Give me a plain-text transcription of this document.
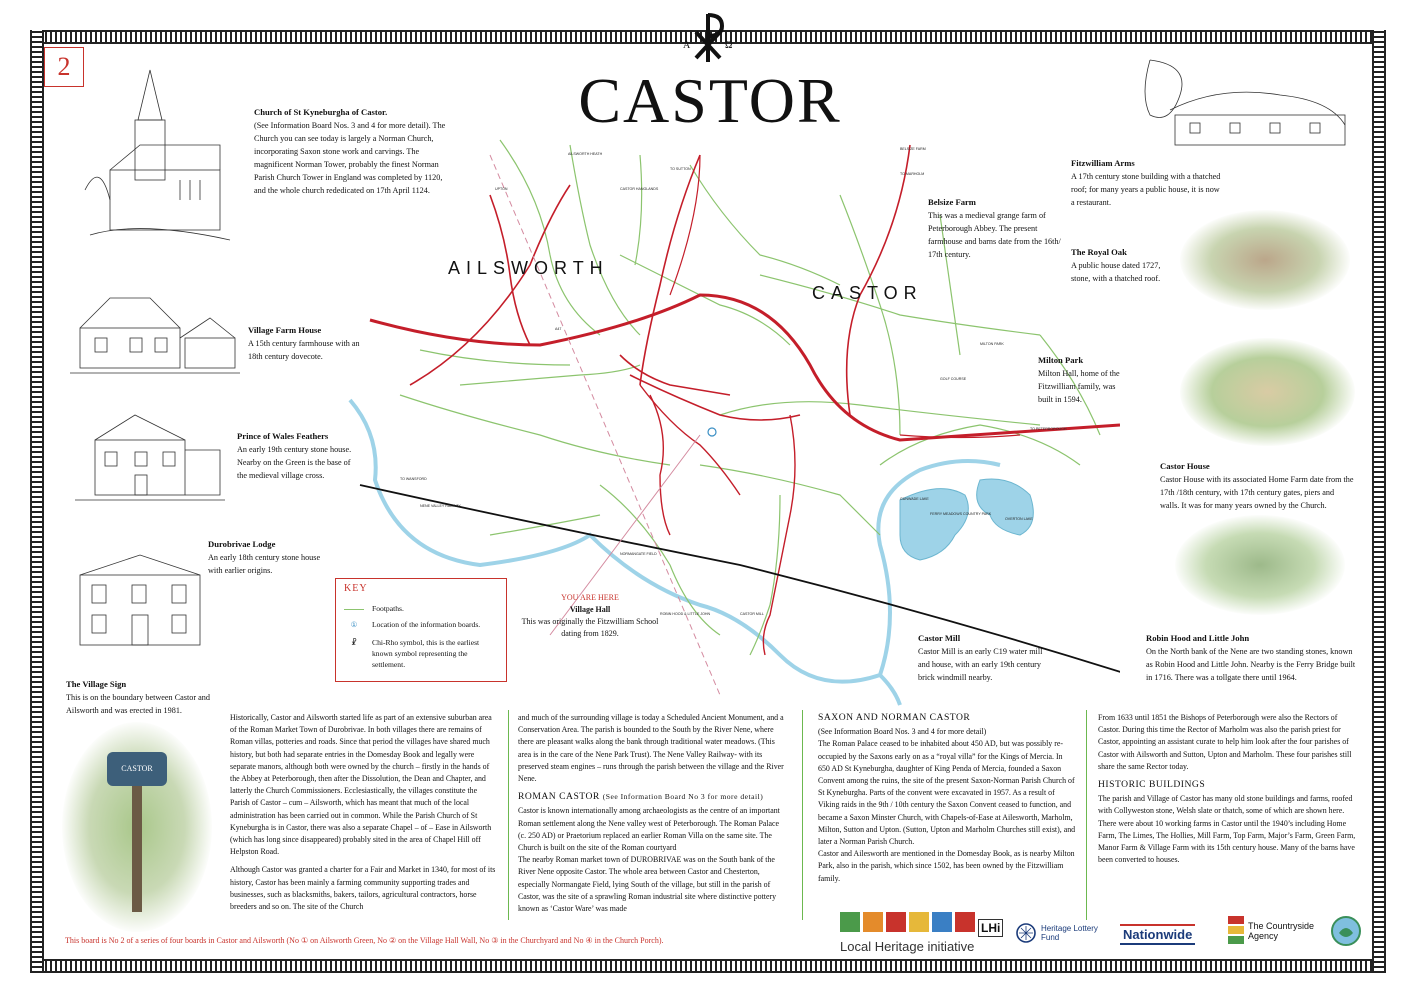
2
A	Ω
CASTOR
UPTON
A47
TO PETERBOROUGH
TO WANSFORD
NENE VALLEY RAILWAY
MILTON PARK
GOLF COURSE
FERRY MEADOWS COUNTRY PARK
GUNWADE LAKE
OVERTON LAKE
BELSIZE FARM
AILSWORTH HEATH
CASTOR HANGLANDS
NORMANGATE FIELD
CASTOR MILL
ROBIN HOOD & LITTLE JOHN
TO SUTTON
TO MARHOLM
AILSWORTH
CASTOR
Church of St Kyneburgha of Castor.
(See Information Board Nos. 3 and 4 for more detail). The Church you can see today is largely a Norman Church, incorporating Saxon stone work and carvings. The magnificent Norman Tower, probably the finest Norman Parish Church Tower in England was completed by 1120, and the whole church rededicated on 17th April 1124.
Village Farm House
A 15th century farmhouse with an 18th century dovecote.
Prince of Wales Feathers
An early 19th century stone house. Nearby on the Green is the base of the medieval village cross.
Durobrivae Lodge
An early 18th century stone house with earlier origins.
The Village Sign
This is on the boundary between Castor and Ailsworth and was erected in 1981.
CASTOR
Fitzwilliam Arms
A 17th century stone building with a thatched roof; for many years a public house, it is now a restaurant.
Belsize Farm
This was a medieval grange farm of Peterborough Abbey. The present farmhouse and barns date from the 16th/ 17th century.	The Royal Oak
A public house dated 1727, stone, with a thatched roof.
Milton Park
Milton Hall, home of the Fitzwilliam family, was built in 1594.
Castor House
Castor House with its associated Home Farm date from the 17th /18th century, with 17th century gates, piers and walls. It was for many years owned by the Church.
Robin Hood and Little John
On the North bank of the Nene are two standing stones, known as Robin Hood and Little John. Nearby is the Ferry Bridge built in 1716. There was a tollgate there until 1964.
Castor Mill
Castor Mill is an early C19 water mill and house, with an early 19th century brick windmill nearby.
KEY
Footpaths.
①	Location of the information boards.
☧	Chi-Rho symbol, this is the earliest known symbol representing the settlement.
YOU ARE HERE
Village Hall
This was originally the Fitzwilliam School dating from 1829.

Historically, Castor and Ailsworth started life as part of an extensive suburban area of the Roman Market Town of Durobrivae. In both villages there are remains of Roman villas, potteries and roads. Since that period the villages have shared much history, but both had separate entries in the Domesday Book and legally were separate manors, although both were owned by the church – firstly in the hands of the Abbey at Peterborough, then after the Dissolution, the Dean and Chapter, and latterly the Church Commissioners. Ecclesiastically, the villages constitute the Parish of Castor – cum – Ailsworth, which has meant that much of the local administration has been carried out in common. While the Parish Church of St Kyneburgha is in Castor, there was also a separate Chapel – of – Ease in Ailsworth (which has long since disappeared) probably sited in the area of Chapel Hill off Helpston Road.

Although Castor was granted a charter for a Fair and Market in 1340, for most of its history, Castor has been mainly a farming community supporting trades and businesses, such as blacksmiths, bakers, tailors, agricultural contractors, horse breeders and so on. The site of the Church

and much of the surrounding village is today a Scheduled Ancient Monument, and a Conservation Area. The parish is bounded to the South by the River Nene, where there are pleasant walks along the bank through traditional water meadows. (This area is in the care of the Nene Park Trust). The Nene Valley Railway- with its preserved steam engines – runs through the parish between the village and the River Nene.

ROMAN CASTOR (See Information Board No 3 for more detail)

Castor is known internationally among archaeologists as the centre of an important Roman settlement along the Nene valley west of Peterborough. The Roman Palace (c. 250 AD) or Praetorium replaced an earlier Roman Villa on the same site. The Church is built on the site of the Roman courtyard

The nearby Roman market town of DUROBRIVAE was on the South bank of the River Nene opposite Castor. The whole area between Castor and Chesterton, especially Normangate Field, lying South of the village, but still in the parish of Castor, was the site of a sprawling Roman industrial site where distinctive pottery known as ‘Castor Ware’ was made

SAXON AND NORMAN CASTOR

(See Information Board Nos. 3 and 4 for more detail)

The Roman Palace ceased to be inhabited about 450 AD, but was possibly re-occupied by the Saxons early on as a “royal villa” for the Kings of Mercia. In 650 AD St Kyneburgha, daughter of King Penda of Mercia, founded a Saxon Convent among the ruins, the site of the present Saxon-Norman Parish Church of St Kyneburgha. Parts of the convent were excavated in 1957. As a result of Viking raids in the 9th / 10th century the Saxon Convent ceased to function, and became a Saxon Minster Church, with Chapels-of-Ease at Ailesworth, Marholm, Milton, Sutton and Upton. (Sutton, Upton and Marholm Churches still exist), and later a Norman Parish Church.

Castor and Ailesworth are mentioned in the Domesday Book, as is nearby Milton Park, also in the parish, which since 1502, has been owned by the Fitzwilliam family.

From 1633 until 1851 the Bishops of Peterborough were also the Rectors of Castor. During this time the Rector of Marholm was also the parish priest for Castor, appointing an assistant curate to help him look after the four parishes of Castor with Ailsworth and Sutton, Upton and Marholm. These four parishes still share the same Rector today.

HISTORIC BUILDINGS

The parish and Village of Castor has many old stone buildings and farms, roofed with Collyweston stone, Welsh slate or thatch, some of which are shown here. There were about 10 working farms in Castor until the 1940’s including Home Farm, The Limes, The Hollies, Mill Farm, Top Farm, Major’s Farm, Green Farm, Manor Farm & Village Farm with its 15th century house. Many of the barns have been converted to houses.

This board is No 2 of a series of four boards in Castor and Ailsworth (No ① on Ailsworth Green, No ② on the Village Hall Wall, No ③ in the Churchyard and No ④ in the Church Porch).
LHi
Local Heritage initiative
Heritage Lottery Fund	Nationwide
The Countryside Agency
